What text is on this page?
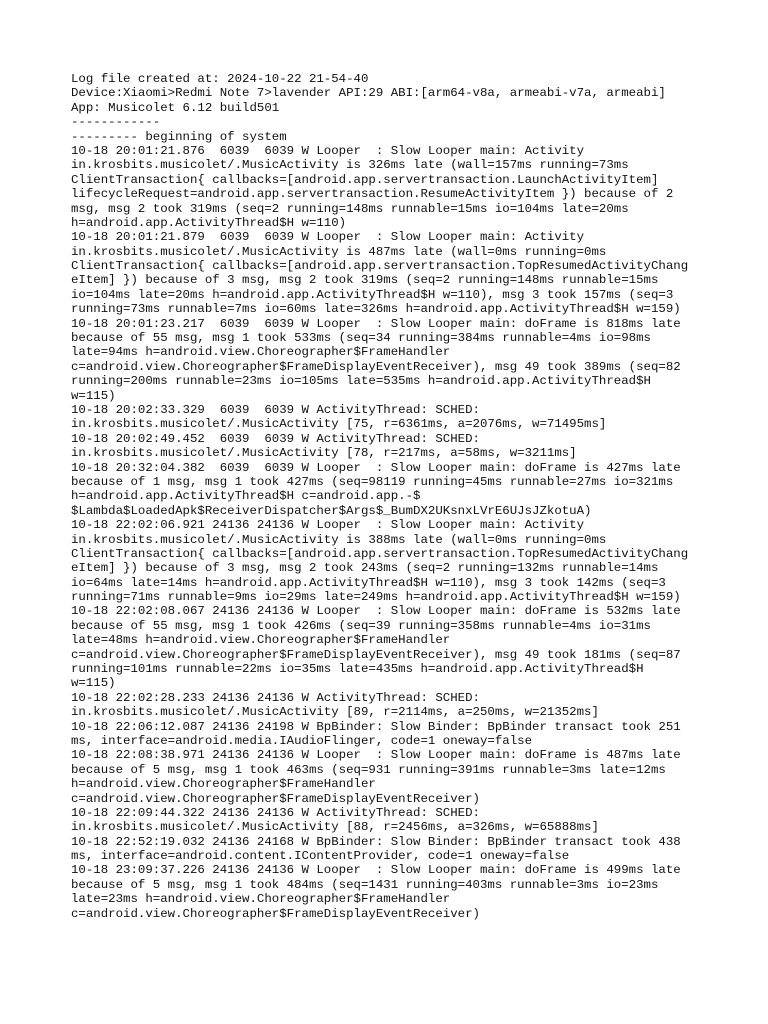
Log file created at: 2024-10-22 21-54-40
Device:Xiaomi>Redmi Note 7>lavender API:29 ABI:[arm64-v8a, armeabi-v7a, armeabi]
App: Musicolet 6.12 build501
------------
--------- beginning of system
10-18 20:01:21.876  6039  6039 W Looper  : Slow Looper main: Activity
in.krosbits.musicolet/.MusicActivity is 326ms late (wall=157ms running=73ms
ClientTransaction{ callbacks=[android.app.servertransaction.LaunchActivityItem]
lifecycleRequest=android.app.servertransaction.ResumeActivityItem }) because of 2
msg, msg 2 took 319ms (seq=2 running=148ms runnable=15ms io=104ms late=20ms
h=android.app.ActivityThread$H w=110)
10-18 20:01:21.879  6039  6039 W Looper  : Slow Looper main: Activity
in.krosbits.musicolet/.MusicActivity is 487ms late (wall=0ms running=0ms
ClientTransaction{ callbacks=[android.app.servertransaction.TopResumedActivityChang
eItem] }) because of 3 msg, msg 2 took 319ms (seq=2 running=148ms runnable=15ms
io=104ms late=20ms h=android.app.ActivityThread$H w=110), msg 3 took 157ms (seq=3
running=73ms runnable=7ms io=60ms late=326ms h=android.app.ActivityThread$H w=159)
10-18 20:01:23.217  6039  6039 W Looper  : Slow Looper main: doFrame is 818ms late
because of 55 msg, msg 1 took 533ms (seq=34 running=384ms runnable=4ms io=98ms
late=94ms h=android.view.Choreographer$FrameHandler
c=android.view.Choreographer$FrameDisplayEventReceiver), msg 49 took 389ms (seq=82
running=200ms runnable=23ms io=105ms late=535ms h=android.app.ActivityThread$H
w=115)
10-18 20:02:33.329  6039  6039 W ActivityThread: SCHED:
in.krosbits.musicolet/.MusicActivity [75, r=6361ms, a=2076ms, w=71495ms]
10-18 20:02:49.452  6039  6039 W ActivityThread: SCHED:
in.krosbits.musicolet/.MusicActivity [78, r=217ms, a=58ms, w=3211ms]
10-18 20:32:04.382  6039  6039 W Looper  : Slow Looper main: doFrame is 427ms late
because of 1 msg, msg 1 took 427ms (seq=98119 running=45ms runnable=27ms io=321ms
h=android.app.ActivityThread$H c=android.app.-$
$Lambda$LoadedApk$ReceiverDispatcher$Args$_BumDX2UKsnxLVrE6UJsJZkotuA)
10-18 22:02:06.921 24136 24136 W Looper  : Slow Looper main: Activity
in.krosbits.musicolet/.MusicActivity is 388ms late (wall=0ms running=0ms
ClientTransaction{ callbacks=[android.app.servertransaction.TopResumedActivityChang
eItem] }) because of 3 msg, msg 2 took 243ms (seq=2 running=132ms runnable=14ms
io=64ms late=14ms h=android.app.ActivityThread$H w=110), msg 3 took 142ms (seq=3
running=71ms runnable=9ms io=29ms late=249ms h=android.app.ActivityThread$H w=159)
10-18 22:02:08.067 24136 24136 W Looper  : Slow Looper main: doFrame is 532ms late
because of 55 msg, msg 1 took 426ms (seq=39 running=358ms runnable=4ms io=31ms
late=48ms h=android.view.Choreographer$FrameHandler
c=android.view.Choreographer$FrameDisplayEventReceiver), msg 49 took 181ms (seq=87
running=101ms runnable=22ms io=35ms late=435ms h=android.app.ActivityThread$H
w=115)
10-18 22:02:28.233 24136 24136 W ActivityThread: SCHED:
in.krosbits.musicolet/.MusicActivity [89, r=2114ms, a=250ms, w=21352ms]
10-18 22:06:12.087 24136 24198 W BpBinder: Slow Binder: BpBinder transact took 251
ms, interface=android.media.IAudioFlinger, code=1 oneway=false
10-18 22:08:38.971 24136 24136 W Looper  : Slow Looper main: doFrame is 487ms late
because of 5 msg, msg 1 took 463ms (seq=931 running=391ms runnable=3ms late=12ms
h=android.view.Choreographer$FrameHandler
c=android.view.Choreographer$FrameDisplayEventReceiver)
10-18 22:09:44.322 24136 24136 W ActivityThread: SCHED:
in.krosbits.musicolet/.MusicActivity [88, r=2456ms, a=326ms, w=65888ms]
10-18 22:52:19.032 24136 24168 W BpBinder: Slow Binder: BpBinder transact took 438
ms, interface=android.content.IContentProvider, code=1 oneway=false
10-18 23:09:37.226 24136 24136 W Looper  : Slow Looper main: doFrame is 499ms late
because of 5 msg, msg 1 took 484ms (seq=1431 running=403ms runnable=3ms io=23ms
late=23ms h=android.view.Choreographer$FrameHandler
c=android.view.Choreographer$FrameDisplayEventReceiver)
